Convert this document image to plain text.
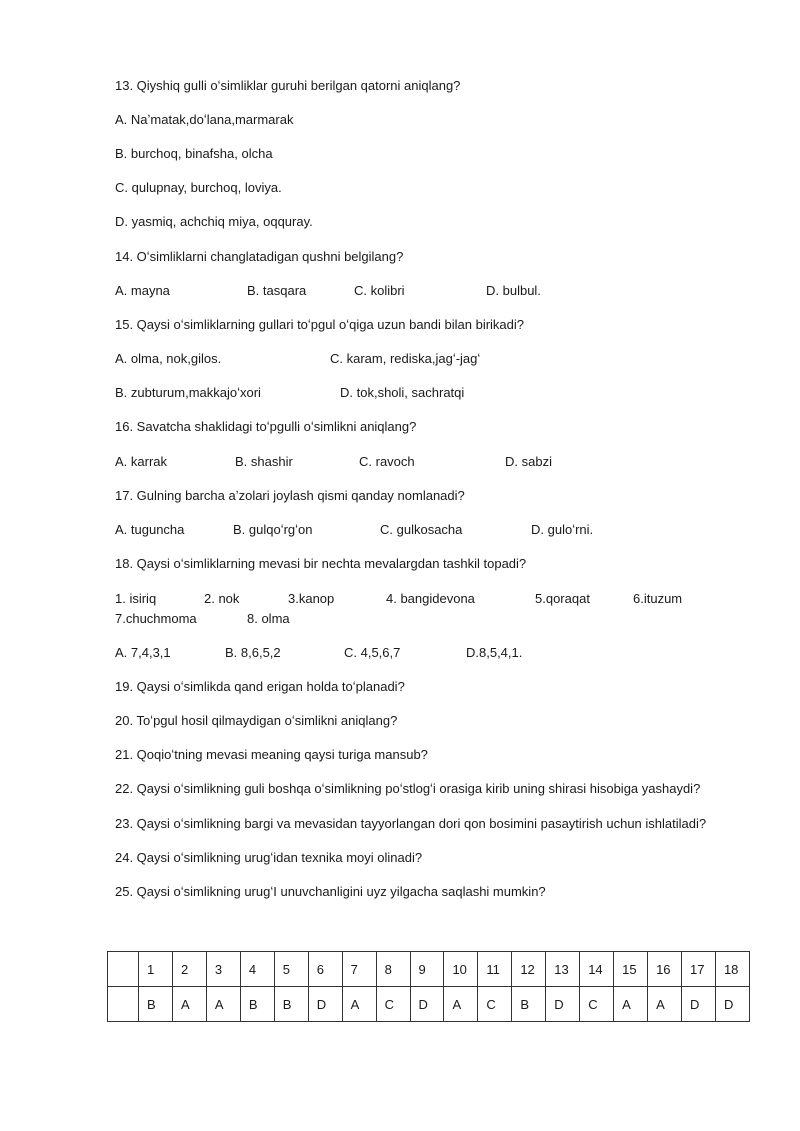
13. Qiyshiq gulli oʻsimliklar guruhi berilgan qatorni aniqlang?
A. Naʼmatak,doʻlana,marmarak
B. burchoq, binafsha, olcha
C. qulupnay, burchoq, loviya.
D. yasmiq, achchiq miya, oqquray.
14. Oʻsimliklarni changlatadigan qushni belgilang?
A. mayna	B. tasqara	C. kolibri	D. bulbul.
15. Qaysi oʻsimliklarning gullari toʻpgul oʻqiga uzun bandi bilan birikadi?
A. olma, nok,gilos.	C. karam, rediska,jagʻ-jagʻ
B. zubturum,makkajoʻxori	D. tok,sholi, sachratqi
16. Savatcha shaklidagi toʻpgulli oʻsimlikni aniqlang?
A. karrak	B. shashir	C. ravoch	D. sabzi
17. Gulning barcha aʼzolari joylash qismi qanday nomlanadi?
A. tuguncha	B. gulqoʻrgʻon	C. gulkosacha	D. guloʻrni.
18. Qaysi oʻsimliklarning mevasi bir nechta mevalargdan tashkil topadi?
1. isiriq	2. nok	3.kanop	4. bangidevona	5.qoraqat	6.ituzum
7.chuchmoma	8. olma
A. 7,4,3,1	B. 8,6,5,2	C. 4,5,6,7	D.8,5,4,1.
19. Qaysi oʻsimlikda qand erigan holda toʻplanadi?
20. Toʻpgul hosil qilmaydigan oʻsimlikni aniqlang?
21. Qoqioʻtning mevasi meaning qaysi turiga mansub?
22. Qaysi oʻsimlikning guli boshqa oʻsimlikning poʻstlogʻi orasiga kirib uning shirasi hisobiga yashaydi?
23. Qaysi oʻsimlikning bargi va mevasidan tayyorlangan dori qon bosimini pasaytirish uchun ishlatiladi?
24. Qaysi oʻsimlikning urugʻidan texnika moyi olinadi?
25. Qaysi oʻsimlikning urugʻI unuvchanligini uyz yilgacha saqlashi mumkin?
	1	2	3	4	5	6	7	8	9	10	11	12	13	14	15	16	17	18
	B	A	A	B	B	D	A	C	D	A	C	B	D	C	A	A	D	D
